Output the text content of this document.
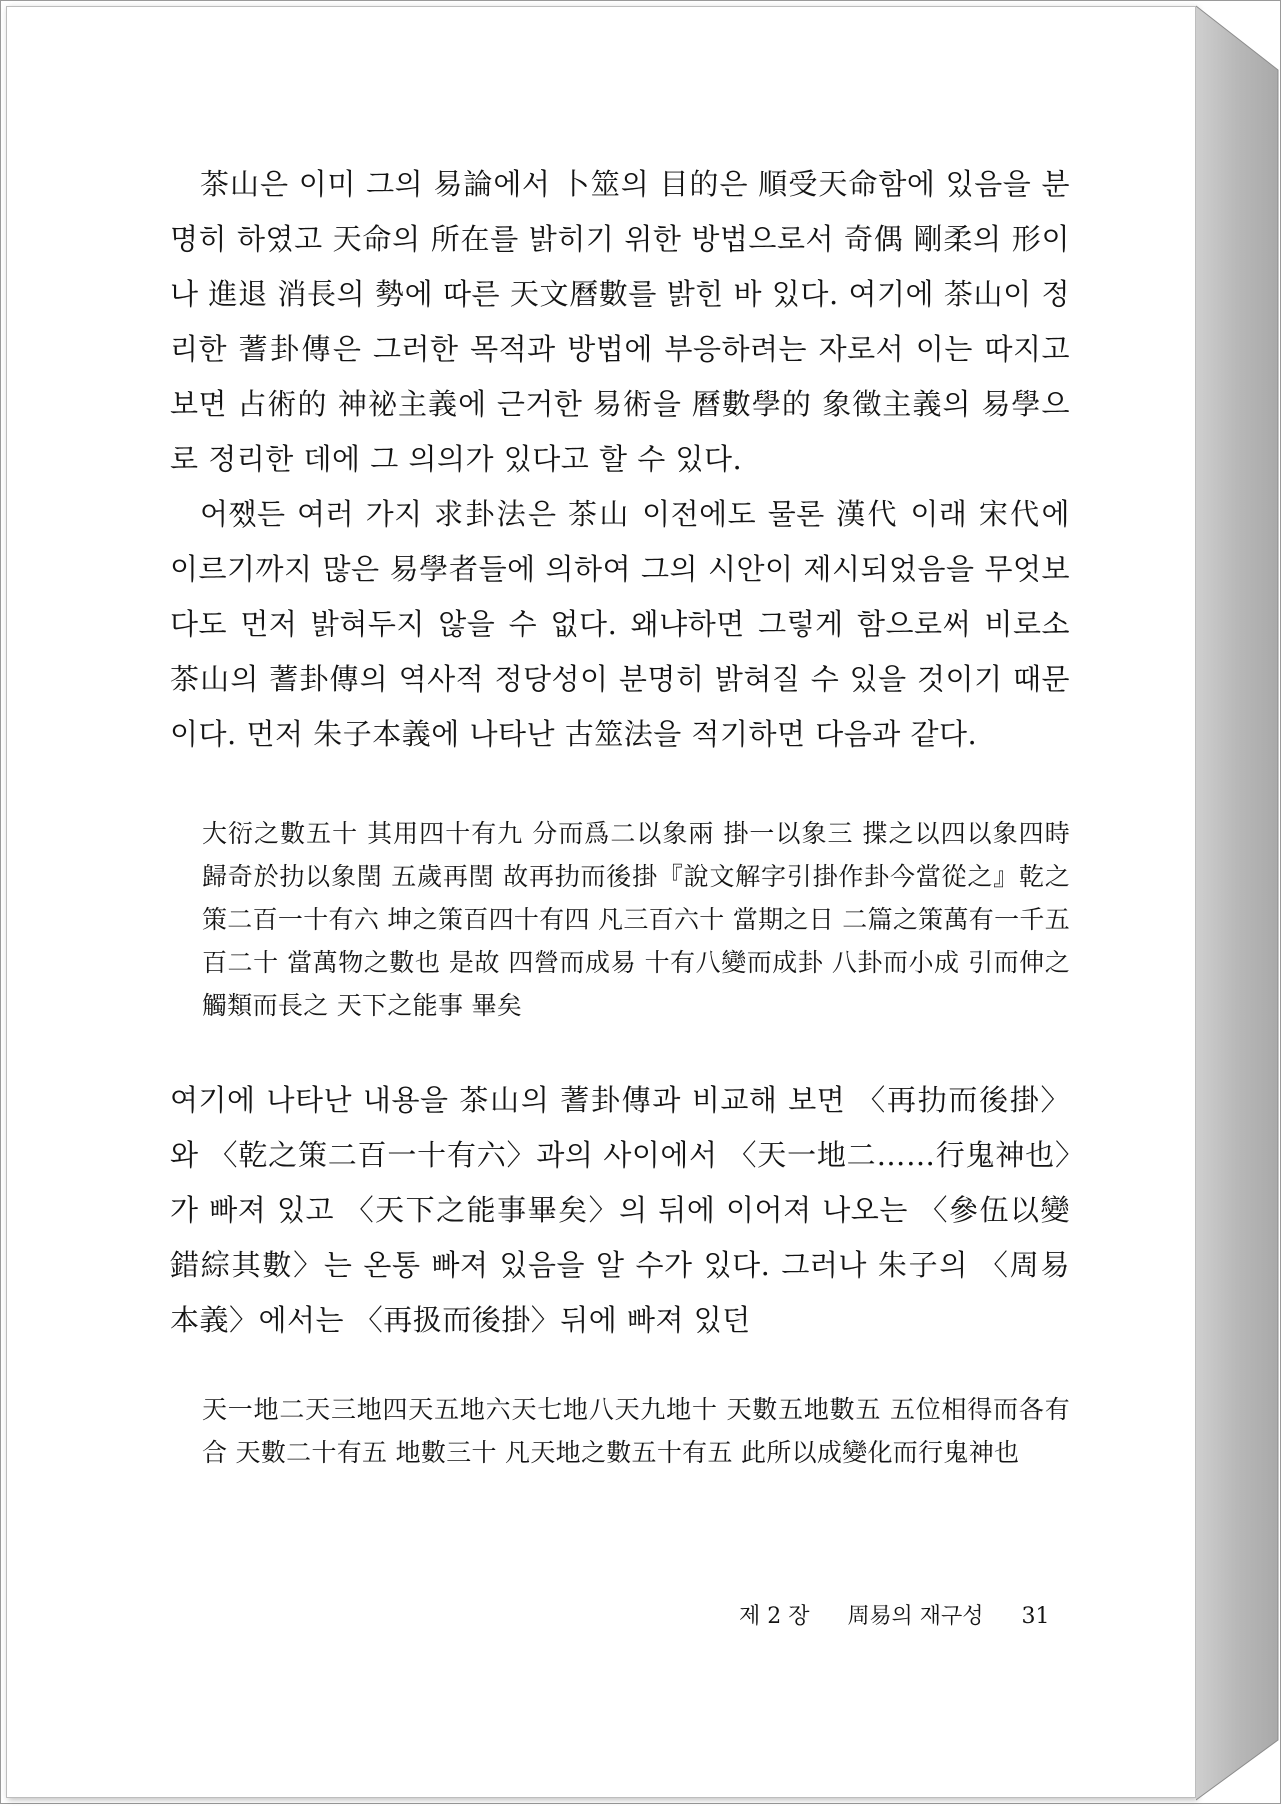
茶山은 이미 그의 易論에서 卜筮의 目的은 順受天命함에 있음을 분명히 하였고 天命의 所在를 밝히기 위한 방법으로서 奇偶 剛柔의 形이나 進退 消長의 勢에 따른 天文曆數를 밝힌 바 있다. 여기에 茶山이 정리한 蓍卦傳은 그러한 목적과 방법에 부응하려는 자로서 이는 따지고 보면 占術的 神祕主義에 근거한 易術을 曆數學的 象徵主義의 易學으로 정리한 데에 그 의의가 있다고 할 수 있다.

어쨌든 여러 가지 求卦法은 茶山 이전에도 물론 漢代 이래 宋代에 이르기까지 많은 易學者들에 의하여 그의 시안이 제시되었음을 무엇보다도 먼저 밝혀두지 않을 수 없다. 왜냐하면 그렇게 함으로써 비로소 茶山의 蓍卦傳의 역사적 정당성이 분명히 밝혀질 수 있을 것이기 때문이다. 먼저 朱子本義에 나타난 古筮法을 적기하면 다음과 같다.

大衍之數五十 其用四十有九 分而爲二以象兩 掛一以象三 揲之以四以象四時 歸奇於扐以象閏 五歲再閏 故再扐而後掛『說文解字引掛作卦今當從之』乾之策二百一十有六 坤之策百四十有四 凡三百六十 當期之日 二篇之策萬有一千五百二十 當萬物之數也 是故 四營而成易 十有八變而成卦 八卦而小成 引而伸之 觸類而長之 天下之能事 畢矣

여기에 나타난 내용을 茶山의 蓍卦傳과 비교해 보면 〈再扐而後掛〉와 〈乾之策二百一十有六〉과의 사이에서 〈天一地二……行鬼神也〉가 빠져 있고 〈天下之能事畢矣〉의 뒤에 이어져 나오는 〈參伍以變 錯綜其數〉는 온통 빠져 있음을 알 수가 있다. 그러나 朱子의 〈周易本義〉에서는 〈再扱而後掛〉뒤에 빠져 있던

天一地二天三地四天五地六天七地八天九地十 天數五地數五 五位相得而各有合 天數二十有五 地數三十 凡天地之數五十有五 此所以成變化而行鬼神也

제 2 장 周易의 재구성 31
